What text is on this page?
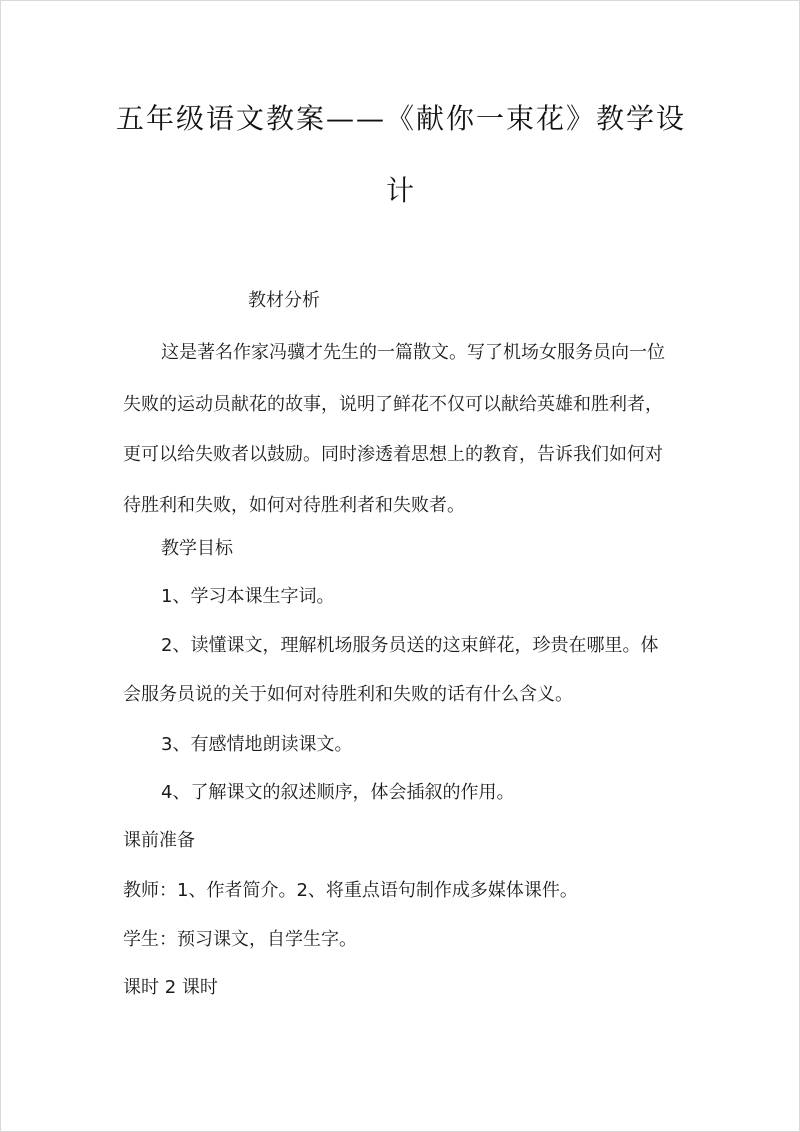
五年级语文教案——《献你一束花》教学设
计
教材分析
这是著名作家冯骥才先生的一篇散文。写了机场女服务员向一位
失败的运动员献花的故事，说明了鲜花不仅可以献给英雄和胜利者，
更可以给失败者以鼓励。同时渗透着思想上的教育，告诉我们如何对
待胜利和失败，如何对待胜利者和失败者。
教学目标
1、学习本课生字词。
2、读懂课文，理解机场服务员送的这束鲜花，珍贵在哪里。体
会服务员说的关于如何对待胜利和失败的话有什么含义。
3、有感情地朗读课文。
4、了解课文的叙述顺序，体会插叙的作用。
课前准备
教师：1、作者简介。2、将重点语句制作成多媒体课件。
学生：预习课文，自学生字。
课时 2 课时
